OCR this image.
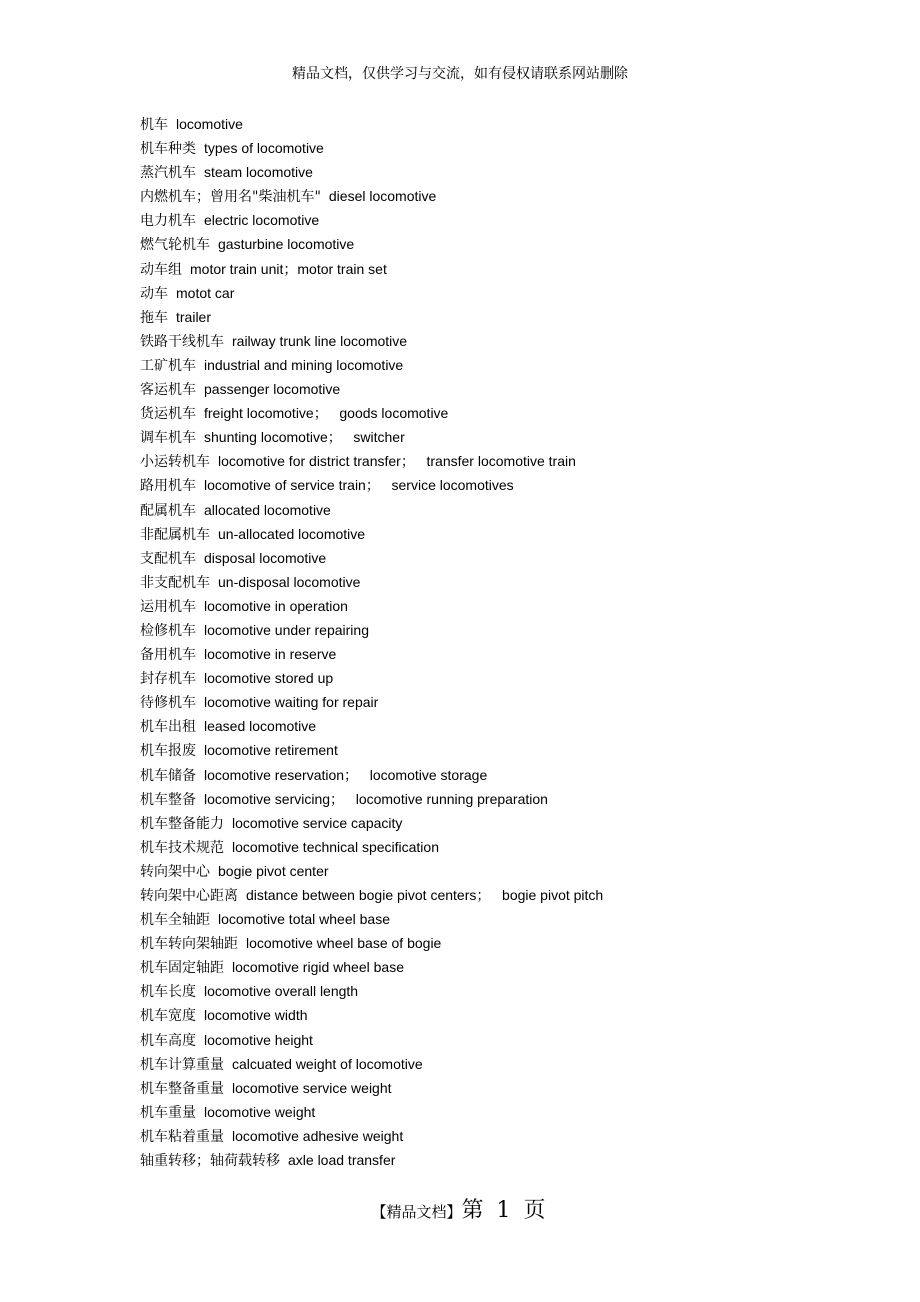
精品文档，仅供学习与交流，如有侵权请联系网站删除
机车 locomotive
机车种类 types of locomotive
蒸汽机车 steam locomotive
内燃机车；曾用名"柴油机车" diesel locomotive
电力机车 electric locomotive
燃气轮机车 gasturbine locomotive
动车组 motor train unit；motor train set
动车 motot car
拖车 trailer
铁路干线机车 railway trunk line locomotive
工矿机车 industrial and mining locomotive
客运机车 passenger locomotive
货运机车 freight locomotive；   goods locomotive
调车机车 shunting locomotive；   switcher
小运转机车 locomotive for district transfer；   transfer locomotive train
路用机车 locomotive of service train；   service locomotives
配属机车 allocated locomotive
非配属机车 un-allocated locomotive
支配机车 disposal locomotive
非支配机车 un-disposal locomotive
运用机车 locomotive in operation
检修机车 locomotive under repairing
备用机车 locomotive in reserve
封存机车 locomotive stored up
待修机车 locomotive waiting for repair
机车出租 leased locomotive
机车报废 locomotive retirement
机车储备 locomotive reservation；   locomotive storage
机车整备 locomotive servicing；   locomotive running preparation
机车整备能力 locomotive service capacity
机车技术规范 locomotive technical specification
转向架中心 bogie pivot center
转向架中心距离 distance between bogie pivot centers；   bogie pivot pitch
机车全轴距 locomotive total wheel base
机车转向架轴距 locomotive wheel base of bogie
机车固定轴距 locomotive rigid wheel base
机车长度 locomotive overall length
机车宽度 locomotive width
机车高度 locomotive height
机车计算重量 calcuated weight of locomotive
机车整备重量 locomotive service weight
机车重量 locomotive weight
机车粘着重量 locomotive adhesive weight
轴重转移；轴荷载转移 axle load transfer
【精品文档】第 1 页
